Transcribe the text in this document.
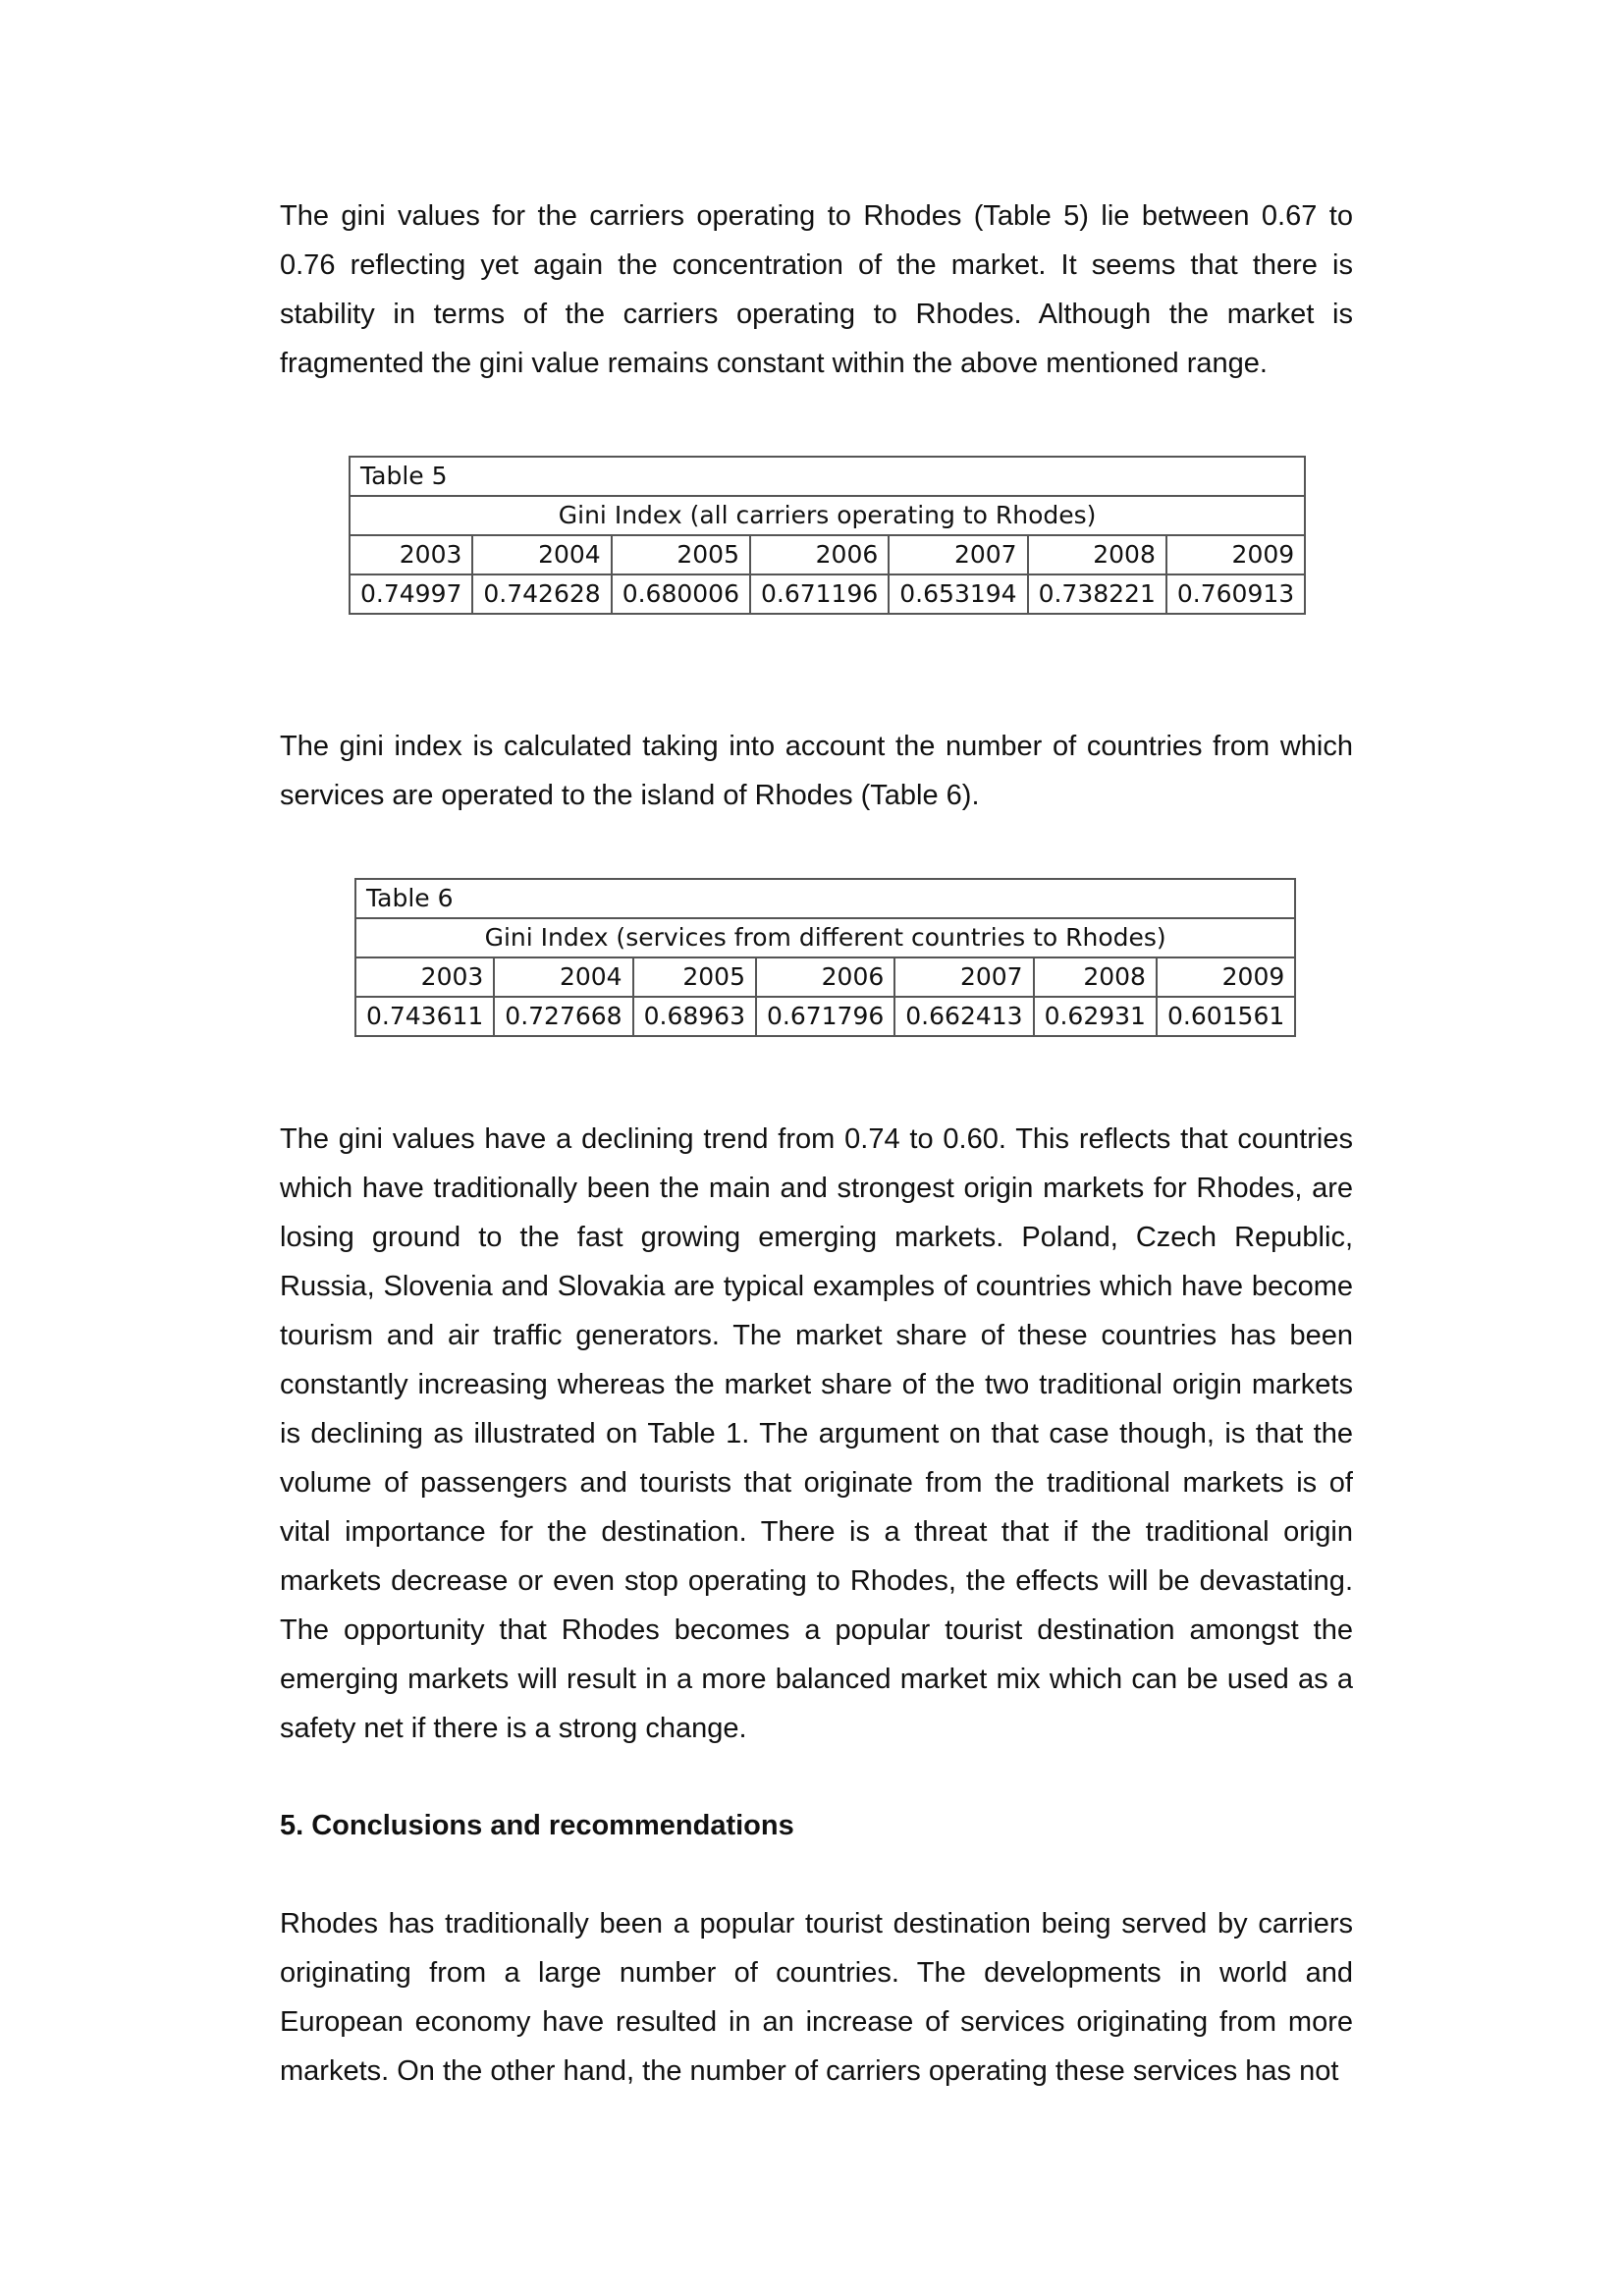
The gini values for the carriers operating to Rhodes (Table 5) lie between 0.67 to 0.76 reflecting yet again the concentration of the market. It seems that there is stability in terms of the carriers operating to Rhodes. Although the market is fragmented the gini value remains constant within the above mentioned range.

Table 5						
Gini Index (all carriers operating to Rhodes)						
2003	2004	2005	2006	2007	2008	2009
0.74997	0.742628	0.680006	0.671196	0.653194	0.738221	0.760913

The gini index is calculated taking into account the number of countries from which services are operated to the island of Rhodes (Table 6).

Table 6						
Gini Index (services from different countries to Rhodes)						
2003	2004	2005	2006	2007	2008	2009
0.743611	0.727668	0.68963	0.671796	0.662413	0.62931	0.601561

The gini values have a declining trend from 0.74 to 0.60. This reflects that countries which have traditionally been the main and strongest origin markets for Rhodes, are losing ground to the fast growing emerging markets. Poland, Czech Republic, Russia, Slovenia and Slovakia are typical examples of countries which have become tourism and air traffic generators. The market share of these countries has been constantly increasing whereas the market share of the two traditional origin markets is declining as illustrated on Table 1. The argument on that case though, is that the volume of passengers and tourists that originate from the traditional markets is of vital importance for the destination. There is a threat that if the traditional origin markets decrease or even stop operating to Rhodes, the effects will be devastating. The opportunity that Rhodes becomes a popular tourist destination amongst the emerging markets will result in a more balanced market mix which can be used as a safety net if there is a strong change.

5. Conclusions and recommendations

Rhodes has traditionally been a popular tourist destination being served by carriers originating from a large number of countries. The developments in world and European economy have resulted in an increase of services originating from more markets. On the other hand, the number of carriers operating these services has not
